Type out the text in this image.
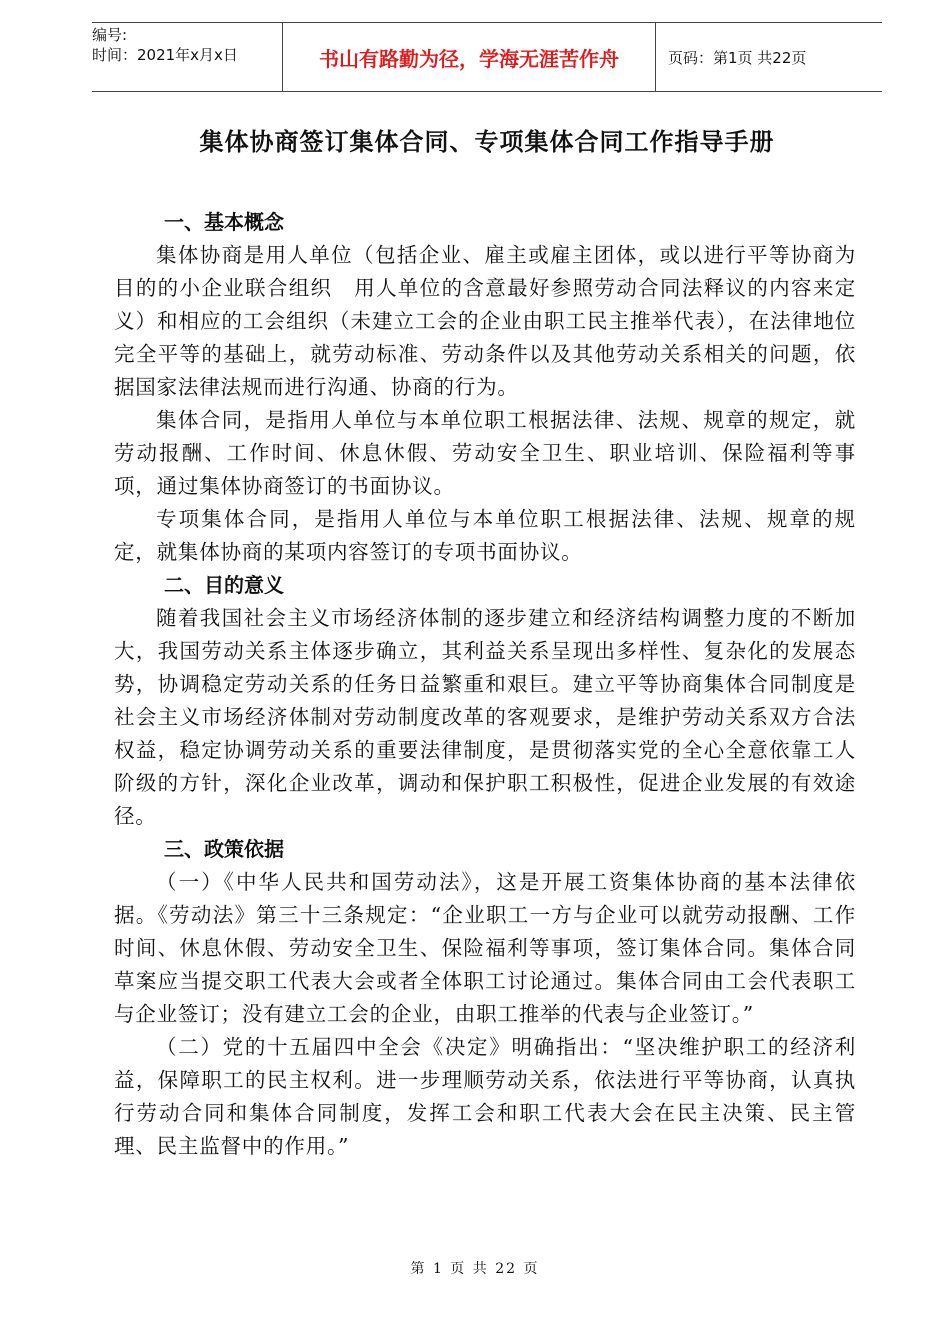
编号:
时间：2021年x月x日	书山有路勤为径，学海无涯苦作舟	页码：第1页 共22页
集体协商签订集体合同、专项集体合同工作指导手册
一、基本概念

集体协商是用人单位（包括企业、雇主或雇主团体，或以进行平等协商为目的的小企业联合组织　用人单位的含意最好参照劳动合同法释议的内容来定义）和相应的工会组织（未建立工会的企业由职工民主推举代表），在法律地位完全平等的基础上，就劳动标准、劳动条件以及其他劳动关系相关的问题，依据国家法律法规而进行沟通、协商的行为。

集体合同，是指用人单位与本单位职工根据法律、法规、规章的规定，就劳动报酬、工作时间、休息休假、劳动安全卫生、职业培训、保险福利等事项，通过集体协商签订的书面协议。

专项集体合同，是指用人单位与本单位职工根据法律、法规、规章的规定，就集体协商的某项内容签订的专项书面协议。

二、目的意义

随着我国社会主义市场经济体制的逐步建立和经济结构调整力度的不断加大，我国劳动关系主体逐步确立，其利益关系呈现出多样性、复杂化的发展态势，协调稳定劳动关系的任务日益繁重和艰巨。建立平等协商集体合同制度是社会主义市场经济体制对劳动制度改革的客观要求，是维护劳动关系双方合法权益，稳定协调劳动关系的重要法律制度，是贯彻落实党的全心全意依靠工人阶级的方针，深化企业改革，调动和保护职工积极性，促进企业发展的有效途径。

三、政策依据

（一）《中华人民共和国劳动法》，这是开展工资集体协商的基本法律依据。《劳动法》第三十三条规定：“企业职工一方与企业可以就劳动报酬、工作时间、休息休假、劳动安全卫生、保险福利等事项，签订集体合同。集体合同草案应当提交职工代表大会或者全体职工讨论通过。集体合同由工会代表职工与企业签订；没有建立工会的企业，由职工推举的代表与企业签订。”

（二）党的十五届四中全会《决定》明确指出：“坚决维护职工的经济利益，保障职工的民主权利。进一步理顺劳动关系，依法进行平等协商，认真执行劳动合同和集体合同制度，发挥工会和职工代表大会在民主决策、民主管理、民主监督中的作用。”

第 1 页 共 22 页
